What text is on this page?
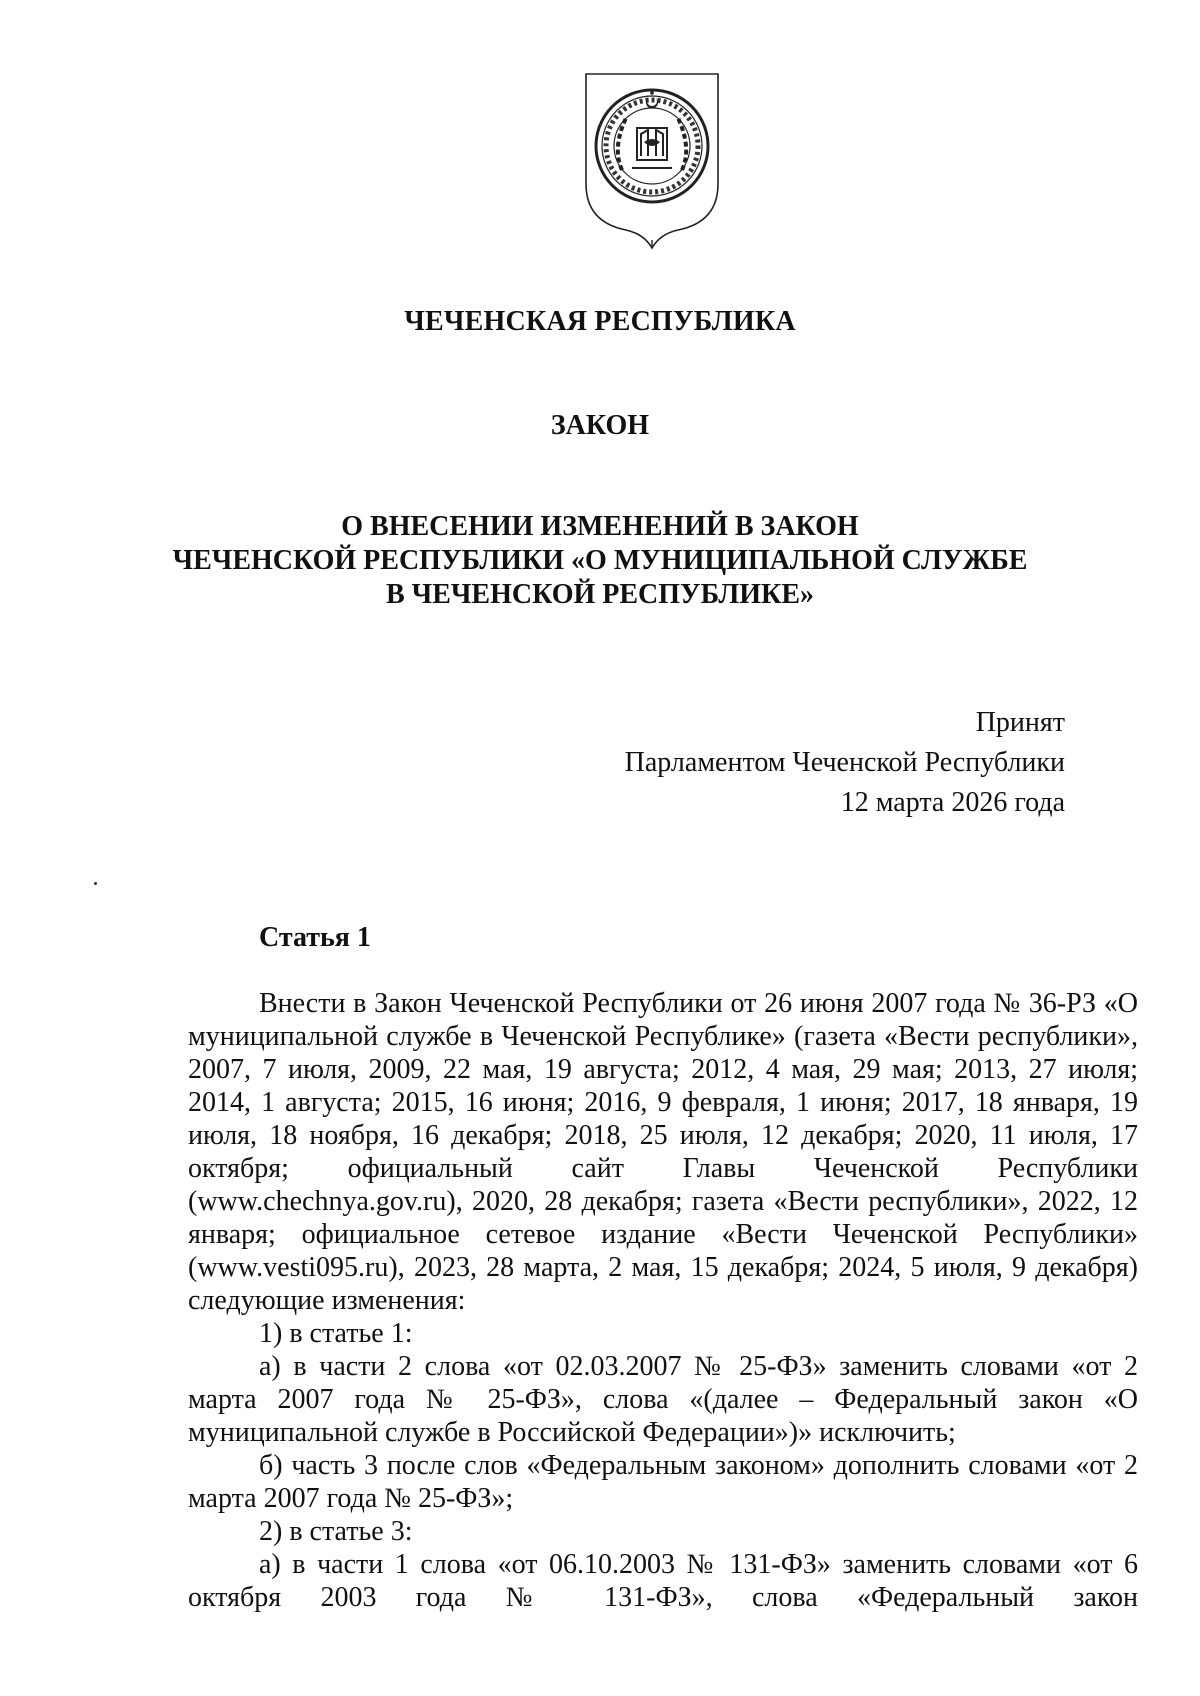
ЧЕЧЕНСКАЯ РЕСПУБЛИКА
ЗАКОН
О ВНЕСЕНИИ ИЗМЕНЕНИЙ В ЗАКОН
ЧЕЧЕНСКОЙ РЕСПУБЛИКИ «О МУНИЦИПАЛЬНОЙ СЛУЖБЕ
В ЧЕЧЕНСКОЙ РЕСПУБЛИКЕ»
Принят
Парламентом Чеченской Республики
12 марта 2026 года
Статья 1

Внести в Закон Чеченской Республики от 26 июня 2007 года № 36-РЗ «О муниципальной службе в Чеченской Республике» (газета «Вести республики», 2007, 7 июля, 2009, 22 мая, 19 августа; 2012, 4 мая, 29 мая; 2013, 27 июля; 2014, 1 августа; 2015, 16 июня; 2016, 9 февраля, 1 июня; 2017, 18 января, 19 июля, 18 ноября, 16 декабря; 2018, 25 июля, 12 декабря; 2020, 11 июля, 17 октября; официальный сайт Главы Чеченской Республики (www.chechnya.gov.ru), 2020, 28 декабря; газета «Вести республики», 2022, 12 января; официальное сетевое издание «Вести Чеченской Республики» (www.vesti095.ru), 2023, 28 марта, 2 мая, 15 декабря; 2024, 5 июля, 9 декабря) следующие изменения:

1) в статье 1:

а) в части 2 слова «от 02.03.2007 № 25-ФЗ» заменить словами «от 2 марта 2007 года № 25-ФЗ», слова «(далее – Федеральный закон «О муниципальной службе в Российской Федерации»)» исключить;

б) часть 3 после слов «Федеральным законом» дополнить словами «от 2 марта 2007 года № 25-ФЗ»;

2) в статье 3:

а) в части 1 слова «от 06.10.2003 № 131-ФЗ» заменить словами «от 6 октября 2003 года № 131-ФЗ», слова «Федеральный закон
